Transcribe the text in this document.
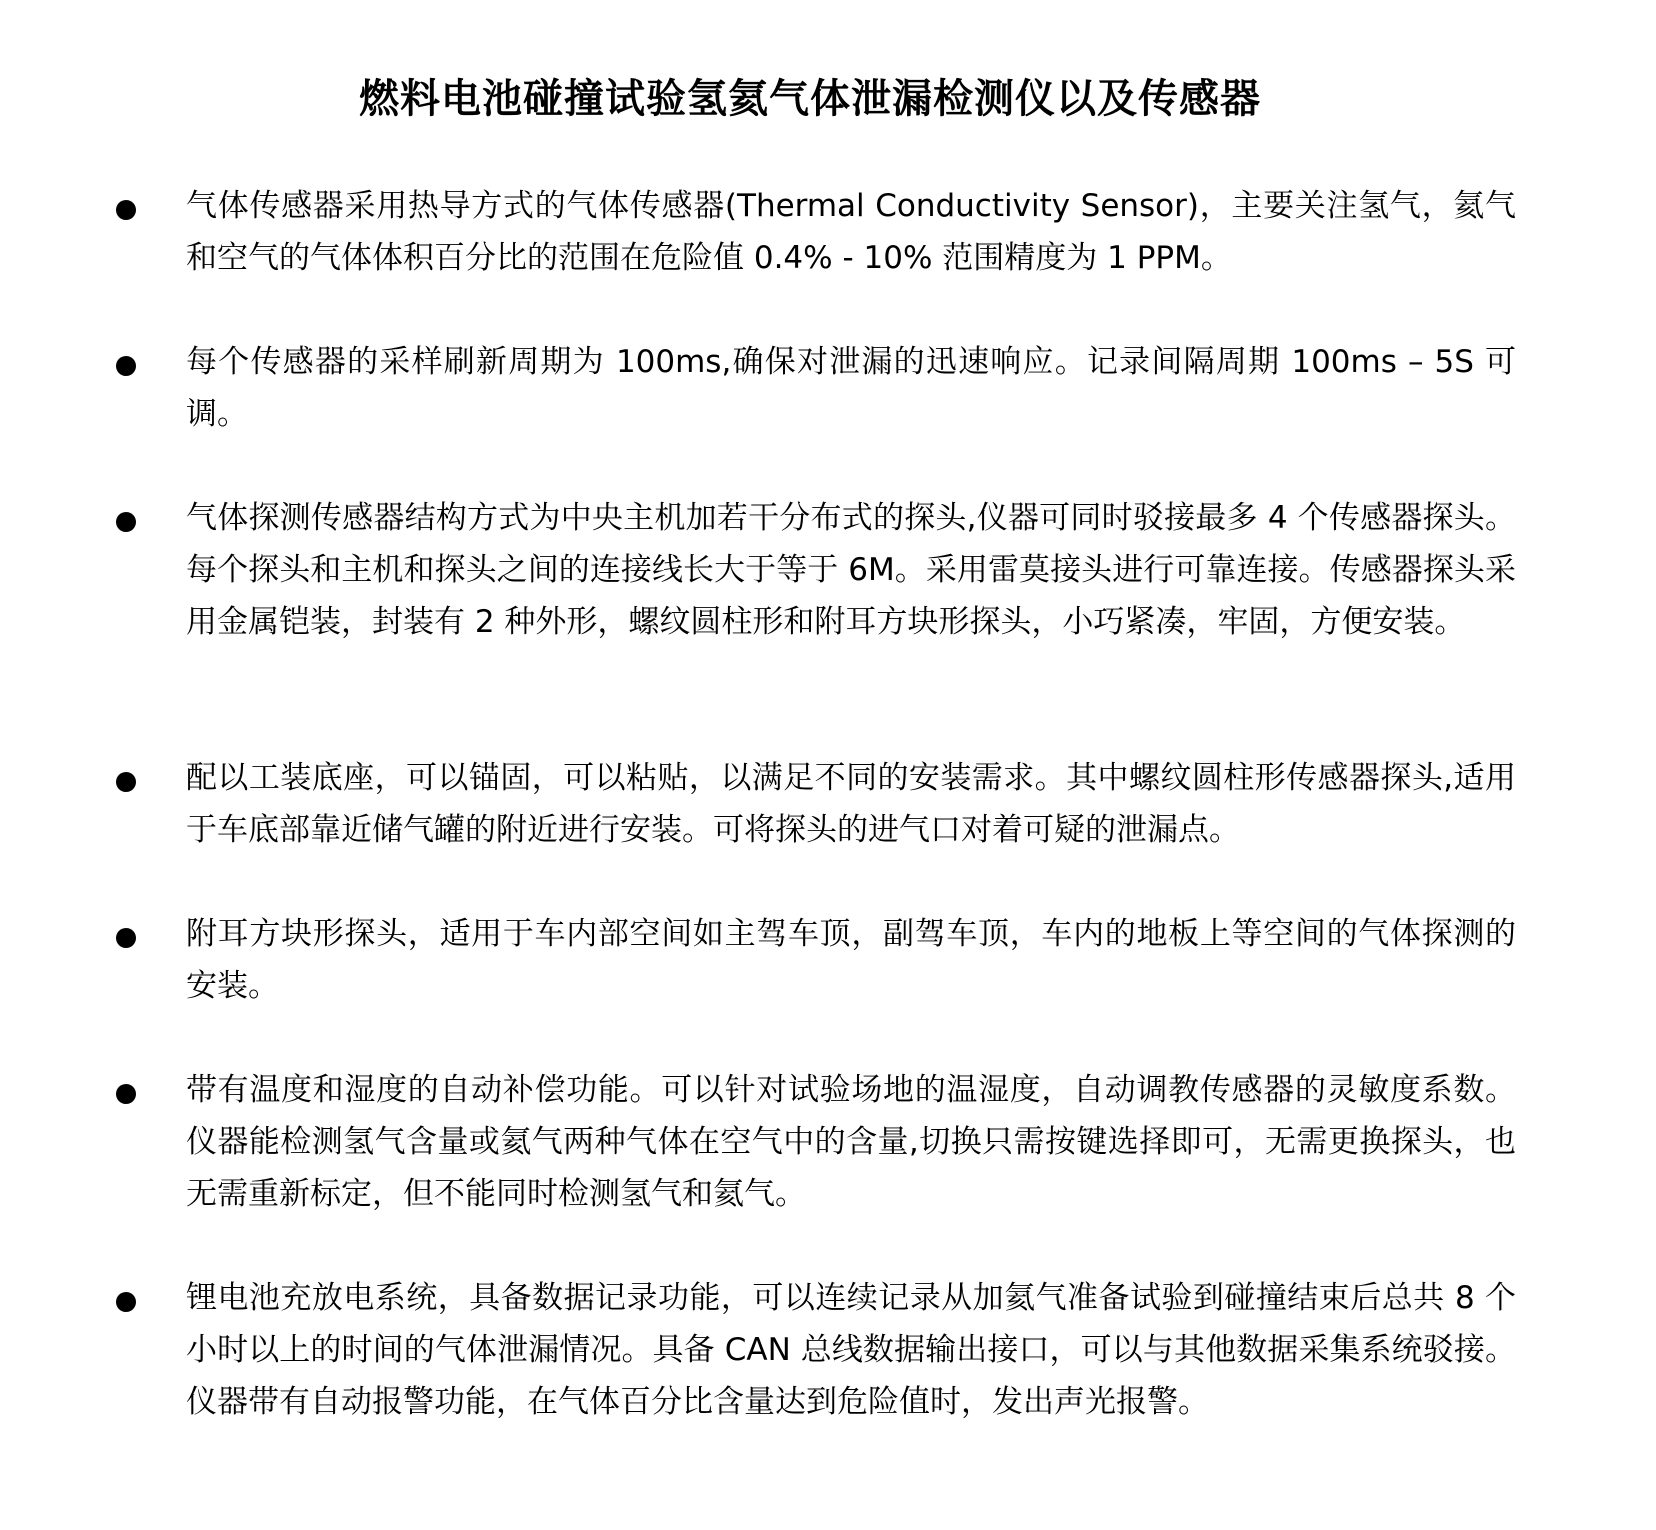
燃料电池碰撞试验氢氦气体泄漏检测仪以及传感器

气体传感器采用热导方式的气体传感器(Thermal Conductivity Sensor)，主要关注氢气，氦气和空气的气体体积百分比的范围在危险值 0.4% - 10% 范围精度为 1 PPM。

每个传感器的采样刷新周期为 100ms,确保对泄漏的迅速响应。记录间隔周期 100ms – 5S 可调。

气体探测传感器结构方式为中央主机加若干分布式的探头,仪器可同时驳接最多 4 个传感器探头。每个探头和主机和探头之间的连接线长大于等于 6M。采用雷莫接头进行可靠连接。传感器探头采用金属铠装，封装有 2 种外形，螺纹圆柱形和附耳方块形探头，小巧紧凑，牢固，方便安装。

配以工装底座，可以锚固，可以粘贴，以满足不同的安装需求。其中螺纹圆柱形传感器探头,适用于车底部靠近储气罐的附近进行安装。可将探头的进气口对着可疑的泄漏点。

附耳方块形探头，适用于车内部空间如主驾车顶，副驾车顶，车内的地板上等空间的气体探测的安装。

带有温度和湿度的自动补偿功能。可以针对试验场地的温湿度，自动调教传感器的灵敏度系数。仪器能检测氢气含量或氦气两种气体在空气中的含量,切换只需按键选择即可，无需更换探头，也无需重新标定，但不能同时检测氢气和氦气。

锂电池充放电系统，具备数据记录功能，可以连续记录从加氦气准备试验到碰撞结束后总共 8 个小时以上的时间的气体泄漏情况。具备 CAN 总线数据输出接口，可以与其他数据采集系统驳接。仪器带有自动报警功能，在气体百分比含量达到危险值时，发出声光报警。
